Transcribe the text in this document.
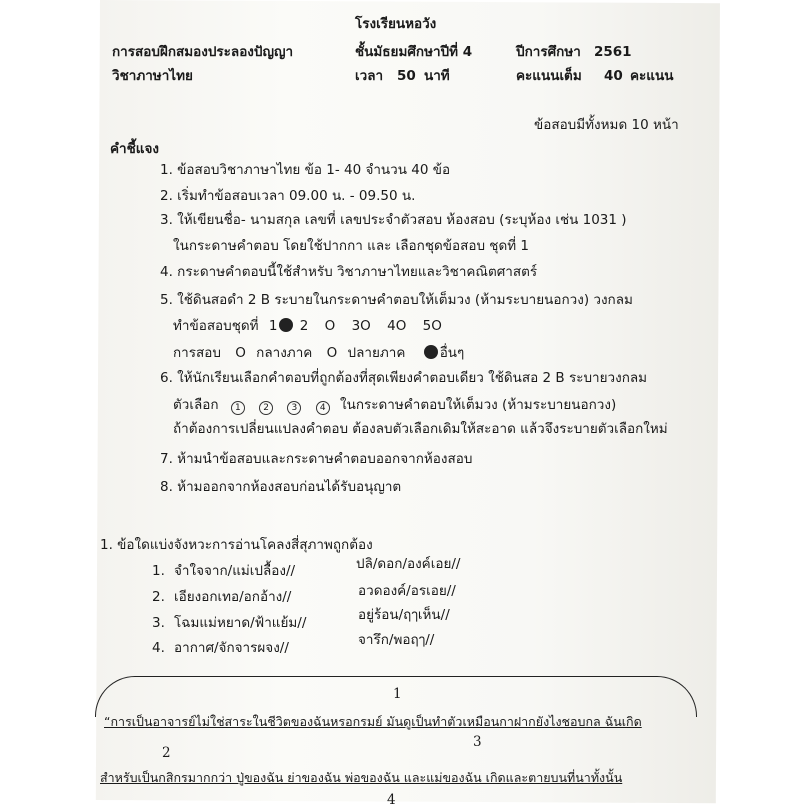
โรงเรียนหอวัง
การสอบฝึกสมองประลองปัญญา	ชั้นมัธยมศึกษาปีที่ 4	ปีการศึกษา 2561
วิชาภาษาไทย	เวลา 50 นาที	คะแนนเต็ม 40 คะแนน
ข้อสอบมีทั้งหมด 10 หน้า
คำชี้แจง
1. ข้อสอบวิชาภาษาไทย ข้อ 1- 40 จำนวน 40 ข้อ
2. เริ่มทำข้อสอบเวลา 09.00 น. - 09.50 น.
3. ให้เขียนชื่อ- นามสกุล เลขที่ เลขประจำตัวสอบ ห้องสอบ (ระบุห้อง เช่น 1031 )
ในกระดาษคำตอบ โดยใช้ปากกา และ เลือกชุดข้อสอบ ชุดที่ 1
4. กระดาษคำตอบนี้ใช้สำหรับ วิชาภาษาไทยและวิชาคณิตศาสตร์
5. ใช้ดินสอดำ 2 B ระบายในกระดาษคำตอบให้เต็มวง (ห้ามระบายนอกวง) วงกลม
ทำข้อสอบชุดที่ 1 2 O 3O 4O 5O
การสอบ O กลางภาค O ปลายภาค	อื่นๆ
6. ให้นักเรียนเลือกคำตอบที่ถูกต้องที่สุดเพียงคำตอบเดียว ใช้ดินสอ 2 B ระบายวงกลม
ตัวเลือก 1	2	3	4 ในกระดาษคำตอบให้เต็มวง (ห้ามระบายนอกวง)
ถ้าต้องการเปลี่ยนแปลงคำตอบ ต้องลบตัวเลือกเดิมให้สะอาด แล้วจึงระบายตัวเลือกใหม่
7. ห้ามนำข้อสอบและกระดาษคำตอบออกจากห้องสอบ
8. ห้ามออกจากห้องสอบก่อนได้รับอนุญาต
1. ข้อใดแบ่งจังหวะการอ่านโคลงสี่สุภาพถูกต้อง
1. จำใจจาก/แม่เปลื้อง//	ปลิ/ดอก/องค์เอย//
2. เอียงอกเทอ/อกอ้าง//	อวดองค์/อรเอย//
3. โฉมแม่หยาด/ฟ้าแย้ม//	อยู่ร้อน/ฤๅเห็น//
4. อากาศ/จักจารผจง//	จารึก/พอฤๅ//
1
“การเป็นอาจารย์ไม่ใช่สาระในชีวิตของฉันหรอกรมย์ มันดูเป็นทำตัวเหมือนกาฝากยังไงชอบกล ฉันเกิด
2
3
สำหรับเป็นกสิกรมากกว่า ปู่ของฉัน ย่าของฉัน พ่อของฉัน และแม่ของฉัน เกิดและตายบนที่นาทั้งนั้น
4
